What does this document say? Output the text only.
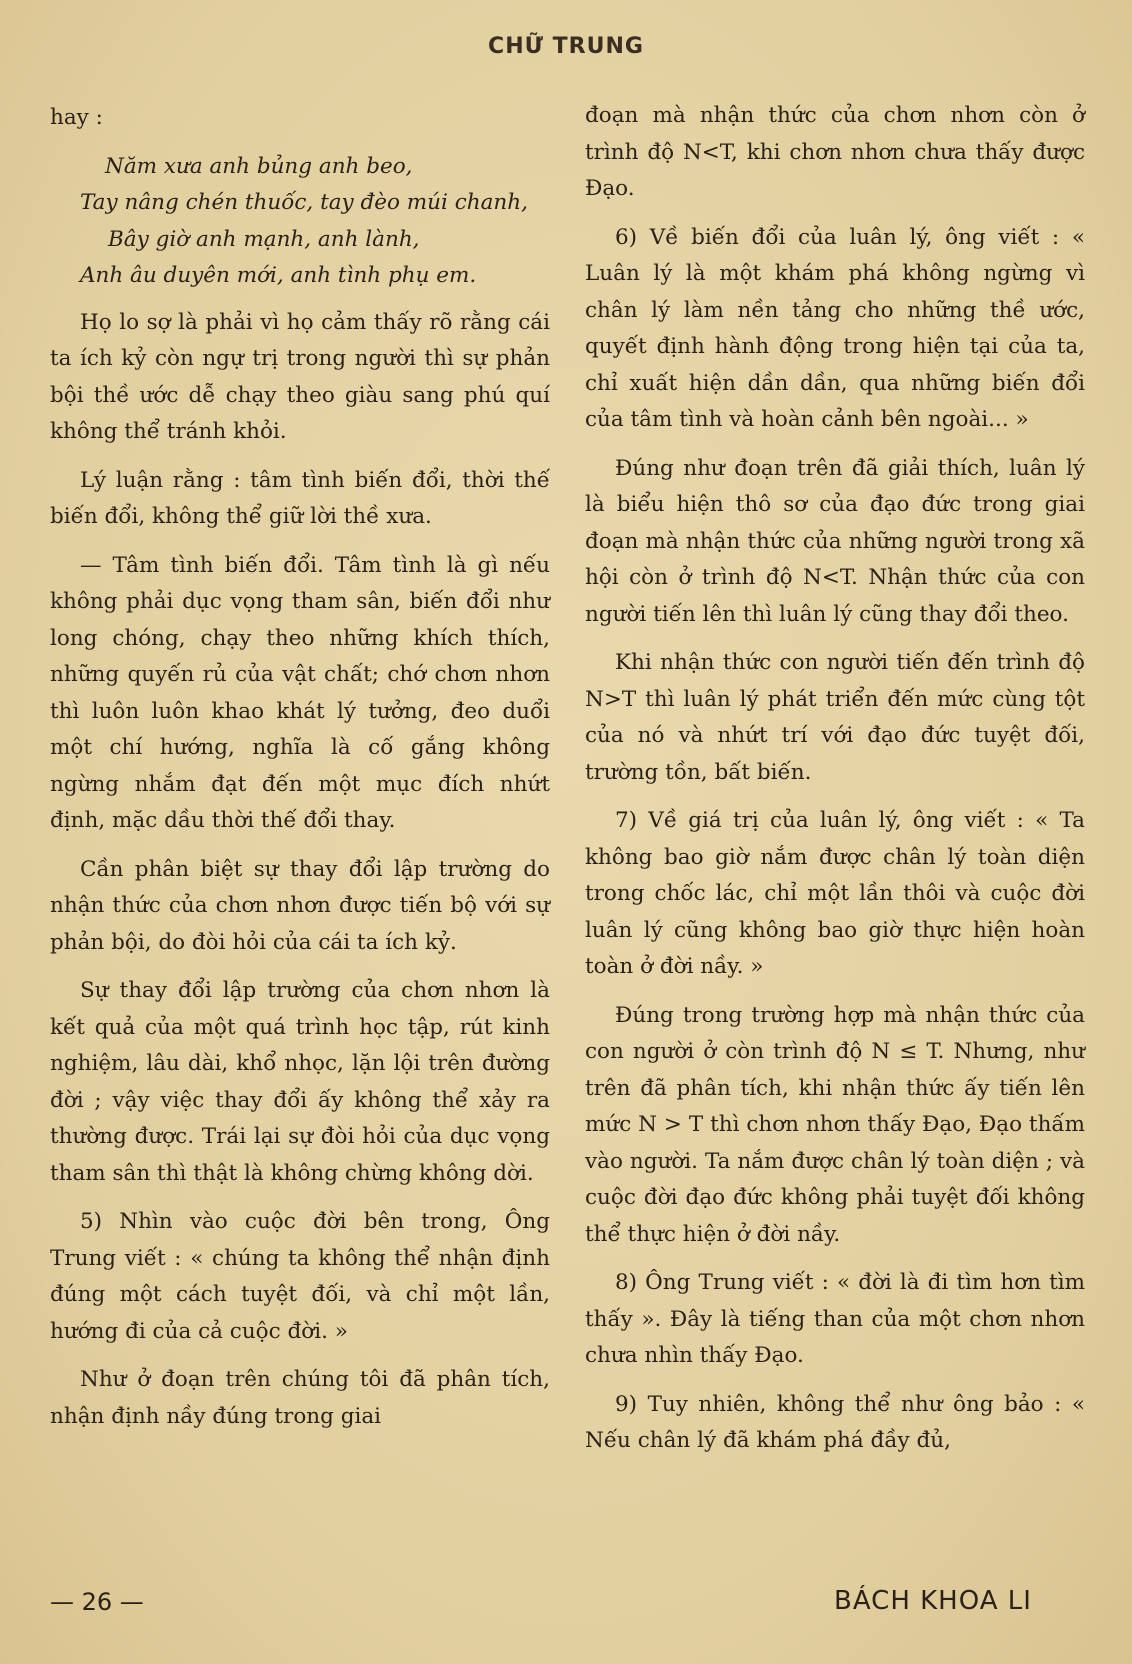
CHỮ TRUNG

hay :

Năm xưa anh bủng anh beo,
Tay nâng chén thuốc, tay đèo múi chanh,
Bây giờ anh mạnh, anh lành,
Anh âu duyên mới, anh tình phụ em.

Họ lo sợ là phải vì họ cảm thấy rõ rằng cái ta ích kỷ còn ngự trị trong người thì sự phản bội thề ước dễ chạy theo giàu sang phú quí không thể tránh khỏi.

Lý luận rằng : tâm tình biến đổi, thời thế biến đổi, không thể giữ lời thề xưa.

— Tâm tình biến đổi. Tâm tình là gì nếu không phải dục vọng tham sân, biến đổi như long chóng, chạy theo những khích thích, những quyến rủ của vật chất; chớ chơn nhơn thì luôn luôn khao khát lý tưởng, đeo duổi một chí hướng, nghĩa là cố gắng không ngừng nhắm đạt đến một mục đích nhứt định, mặc dầu thời thế đổi thay.

Cần phân biệt sự thay đổi lập trường do nhận thức của chơn nhơn được tiến bộ với sự phản bội, do đòi hỏi của cái ta ích kỷ.

Sự thay đổi lập trường của chơn nhơn là kết quả của một quá trình học tập, rút kinh nghiệm, lâu dài, khổ nhọc, lặn lội trên đường đời ; vậy việc thay đổi ấy không thể xảy ra thường được. Trái lại sự đòi hỏi của dục vọng tham sân thì thật là không chừng không dời.

5) Nhìn vào cuộc đời bên trong, Ông Trung viết : « chúng ta không thể nhận định đúng một cách tuyệt đối, và chỉ một lần, hướng đi của cả cuộc đời. »

Như ở đoạn trên chúng tôi đã phân tích, nhận định nầy đúng trong giai

đoạn mà nhận thức của chơn nhơn còn ở trình độ N<T, khi chơn nhơn chưa thấy được Đạo.

6) Về biến đổi của luân lý, ông viết : « Luân lý là một khám phá không ngừng vì chân lý làm nền tảng cho những thề ước, quyết định hành động trong hiện tại của ta, chỉ xuất hiện dần dần, qua những biến đổi của tâm tình và hoàn cảnh bên ngoài... »

Đúng như đoạn trên đã giải thích, luân lý là biểu hiện thô sơ của đạo đức trong giai đoạn mà nhận thức của những người trong xã hội còn ở trình độ N<T. Nhận thức của con người tiến lên thì luân lý cũng thay đổi theo.

Khi nhận thức con người tiến đến trình độ N>T thì luân lý phát triển đến mức cùng tột của nó và nhứt trí với đạo đức tuyệt đối, trường tồn, bất biến.

7) Về giá trị của luân lý, ông viết : « Ta không bao giờ nắm được chân lý toàn diện trong chốc lác, chỉ một lần thôi và cuộc đời luân lý cũng không bao giờ thực hiện hoàn toàn ở đời nầy. »

Đúng trong trường hợp mà nhận thức của con người ở còn trình độ N ≤ T. Nhưng, như trên đã phân tích, khi nhận thức ấy tiến lên mức N > T thì chơn nhơn thấy Đạo, Đạo thấm vào người. Ta nắm được chân lý toàn diện ; và cuộc đời đạo đức không phải tuyệt đối không thể thực hiện ở đời nầy.

8) Ông Trung viết : « đời là đi tìm hơn tìm thấy ». Đây là tiếng than của một chơn nhơn chưa nhìn thấy Đạo.

9) Tuy nhiên, không thể như ông bảo : « Nếu chân lý đã khám phá đầy đủ,

— 26 —	BÁCH KHOA LI
